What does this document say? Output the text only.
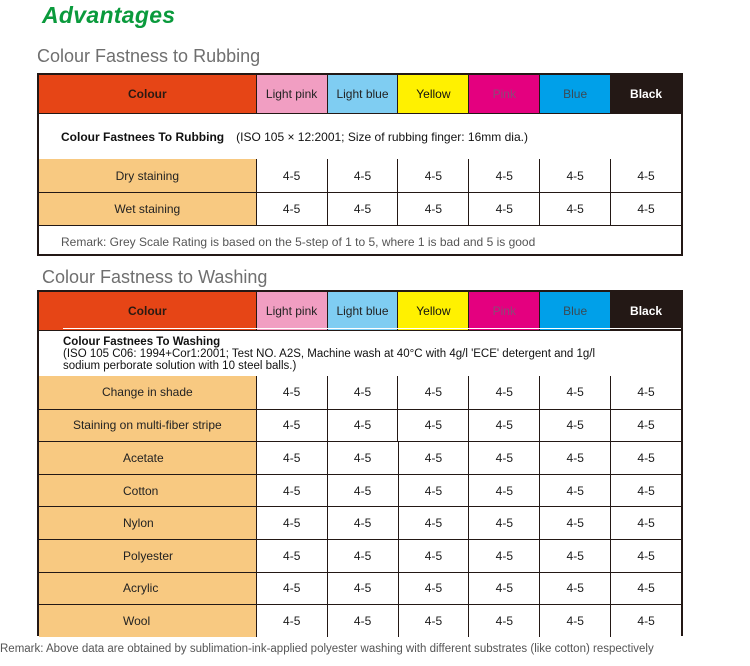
Advantages
Colour Fastness to Rubbing
Colour	Light pink	Light blue	Yellow	Pink	Blue	Black
Colour Fastnees To Rubbing (ISO 105 × 12:2001; Size of rubbing finger: 16mm dia.)
Dry staining	4-5	4-5	4-5	4-5	4-5	4-5
Wet staining	4-5	4-5	4-5	4-5	4-5	4-5
Remark: Grey Scale Rating is based on the 5-step of 1 to 5, where 1 is bad and 5 is good
Colour Fastness to Washing
Colour	Light pink	Light blue	Yellow	Pink	Blue	Black
Colour Fastnees To Washing
(ISO 105 C06: 1994+Cor1:2001; Test NO. A2S, Machine wash at 40°C with 4g/l 'ECE' detergent and 1g/l
sodium perborate solution with 10 steel balls.)
Change in shade	4-5	4-5	4-5	4-5	4-5	4-5
Staining on multi-fiber stripe	4-5	4-5	4-5	4-5	4-5	4-5
Acetate	4-5	4-5	4-5	4-5	4-5	4-5
Cotton	4-5	4-5	4-5	4-5	4-5	4-5
Nylon	4-5	4-5	4-5	4-5	4-5	4-5
Polyester	4-5	4-5	4-5	4-5	4-5	4-5
Acrylic	4-5	4-5	4-5	4-5	4-5	4-5
Wool	4-5	4-5	4-5	4-5	4-5	4-5
Remark: Above data are obtained by sublimation-ink-applied polyester washing with different substrates (like cotton) respectively
